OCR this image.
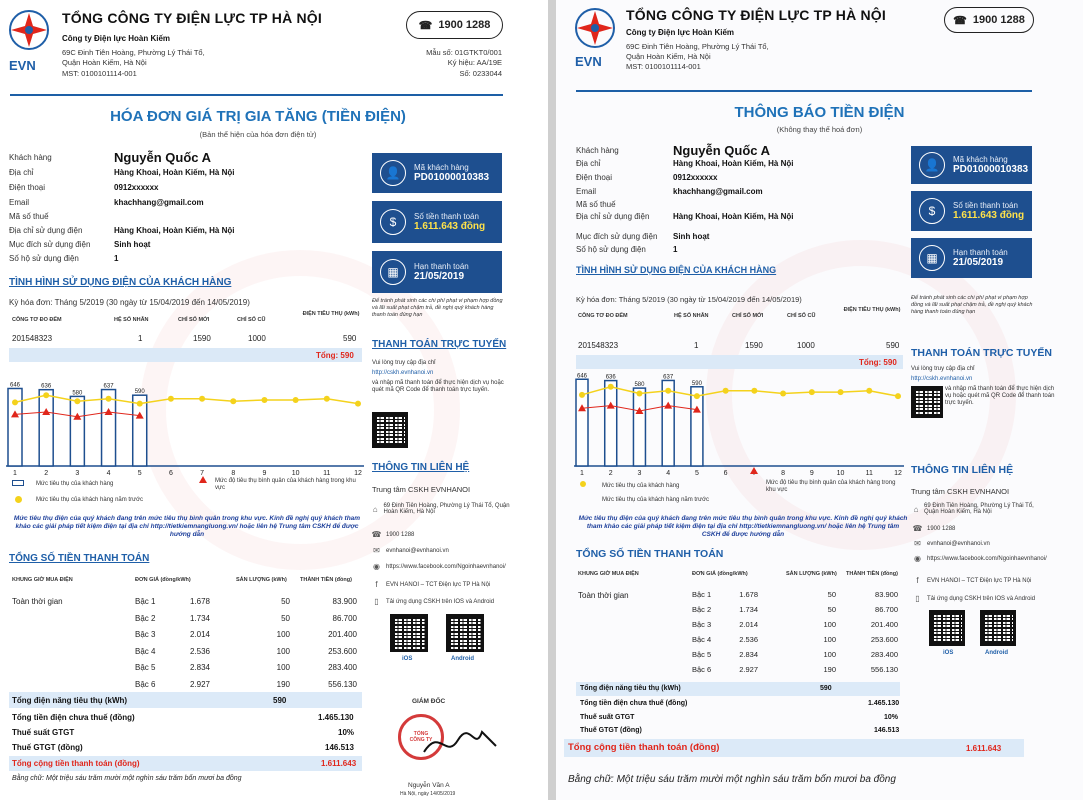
EVN
TỔNG CÔNG TY ĐIỆN LỰC TP HÀ NỘI
Công ty Điện lực Hoàn Kiếm
69C Đinh Tiên Hoàng, Phường Lý Thái Tổ,
Quận Hoàn Kiếm, Hà Nội
MST: 0100101114-001
☎ 1900 1288
Mẫu số: 01GTKT0/001
Ký hiệu: AA/19E
Số: 0233044
HÓA ĐƠN GIÁ TRỊ GIA TĂNG (TIỀN ĐIỆN)
(Bản thể hiện của hóa đơn điện tử)
Khách hàng	Nguyễn Quốc A
Địa chỉ	Hàng Khoai, Hoàn Kiếm, Hà Nội
Điện thoại	0912xxxxxx
Email	khachhang@gmail.com
Mã số thuế
Địa chỉ sử dụng điện	Hàng Khoai, Hoàn Kiếm, Hà Nội
Mục đích sử dụng điện	Sinh hoạt
Số hộ sử dụng điện	1
👤	Mã khách hàng
PD01000010383
$	Số tiền thanh toán
1.611.643 đồng
▦	Hạn thanh toán
21/05/2019
Để tránh phát sinh các chi phí phạt vi phạm hợp đồng và lãi suất phạt chậm trả, đề nghị quý khách hàng thanh toán đúng hạn
TÌNH HÌNH SỬ DỤNG ĐIỆN CỦA KHÁCH HÀNG
Kỳ hóa đơn: Tháng 5/2019 (30 ngày từ 15/04/2019 đến 14/05/2019)
CÔNG TƠ ĐO ĐẾM	HỆ SỐ NHÂN	CHỈ SỐ MỚI	CHỈ SỐ CŨ
ĐIỆN TIÊU THỤ (kWh)
201548323	1	1590	1000	590
Tổng: 590
646	636
580
637
590
1	2	3	4	5	6	7	8	9	10	11	12
Mức tiêu thụ của khách hàng
Mức tiêu thụ của khách hàng năm trước
Mức độ tiêu thụ bình quân của khách hàng trong khu vực
Mức tiêu thụ điện của quý khách đang trên mức tiêu thụ bình quân trong khu vực. Kính đề nghị quý khách tham khảo các giải pháp tiết kiệm điện tại địa chỉ http://tietkiemnangluong.vn/ hoặc liên hệ Trung tâm CSKH để được hướng dẫn
THANH TOÁN TRỰC TUYẾN
Vui lòng truy cập địa chỉ
http://cskh.evnhanoi.vn
và nhập mã thanh toán để thực hiện dịch vụ hoặc quét mã QR Code để thanh toán trực tuyến.
THÔNG TIN LIÊN HỆ
Trung tâm CSKH EVNHANOI
⌂ 69 Đinh Tiên Hoàng, Phường Lý Thái Tổ, Quận Hoàn Kiếm, Hà Nội
☎ 1900 1288
✉ evnhanoi@evnhanoi.vn
◉ https://www.facebook.com/Ngoinhaevnhanoi/
f	EVN HANOI – TCT Điện lực TP Hà Nội
▯	Tải ứng dụng CSKH trên IOS và Android
iOS	Android
TỔNG SỐ TIỀN THANH TOÁN
KHUNG GIỜ MUA ĐIỆN	ĐƠN GIÁ (đồng/kWh)	SẢN LƯỢNG (kWh) THÀNH TIỀN (đồng)
Toàn thời gian	Bậc 1	1.678	50	83.900
Bậc 2	1.734	50	86.700
Bậc 3	2.014	100	201.400
Bậc 4	2.536	100	253.600
Bậc 5	2.834	100	283.400
Bậc 6	2.927	190	556.130
Tổng điện năng tiêu thụ (kWh)	590
Tổng tiền điện chưa thuế (đồng)	1.465.130
Thuế suất GTGT	10%
Thuế GTGT (đồng)	146.513
Tổng cộng tiền thanh toán (đồng)	1.611.643
Bằng chữ: Một triệu sáu trăm mười một nghìn sáu trăm bốn mươi ba đồng
GIÁM ĐỐC
TỔNG
CÔNG TY
Nguyễn Văn A
Hà Nội, ngày 14/05/2019
EVN
TỔNG CÔNG TY ĐIỆN LỰC TP HÀ NỘI
Công ty Điện lực Hoàn Kiếm
69C Đinh Tiên Hoàng, Phường Lý Thái Tổ,
Quận Hoàn Kiếm, Hà Nội
MST: 0100101114-001
☎ 1900 1288
THÔNG BÁO TIỀN ĐIỆN
(Không thay thế hoá đơn)
Khách hàng	Nguyễn Quốc A
Địa chỉ	Hàng Khoai, Hoàn Kiếm, Hà Nội
Điện thoại	0912xxxxxx
Email	khachhang@gmail.com
Mã số thuế
Địa chỉ sử dụng điện	Hàng Khoai, Hoàn Kiếm, Hà Nội
Mục đích sử dụng điện Sinh hoạt
Số hộ sử dụng điện	1
👤	Mã khách hàng
PD01000010383
$	Số tiền thanh toán
1.611.643 đồng
▦	Hạn thanh toán
21/05/2019
Để tránh phát sinh các chi phí phạt vi phạm hợp đồng và lãi suất phạt chậm trả, đề nghị quý khách hàng thanh toán đúng hạn
TÌNH HÌNH SỬ DỤNG ĐIỆN CỦA KHÁCH HÀNG
Kỳ hóa đơn: Tháng 5/2019 (30 ngày từ 15/04/2019 đến 14/05/2019)
CÔNG TƠ ĐO ĐẾM	HỆ SỐ NHÂN	CHỈ SỐ MỚI	CHỈ SỐ CŨ
ĐIỆN TIÊU THỤ (kWh)
201548323	1	1590	1000	590
Tổng: 590
646	636
580
637
590
1	2	3	4	5	6	7	8	9	10	11	12
Mức tiêu thụ của khách hàng
Mức tiêu thụ của khách hàng năm trước
Mức độ tiêu thụ bình quân của khách hàng trong khu vực
Mức tiêu thụ điện của quý khách đang trên mức tiêu thụ bình quân trong khu vực. Kính đề nghị quý khách tham khảo các giải pháp tiết kiệm điện tại địa chỉ http://tietkiemnangluong.vn/ hoặc liên hệ Trung tâm CSKH để được hướng dẫn
THANH TOÁN TRỰC TUYẾN
Vui lòng truy cập địa chỉ
http://cskh.evnhanoi.vn
và nhập mã thanh toán để thực hiện dịch vụ hoặc quét mã QR Code để thanh toán trực tuyến.
THÔNG TIN LIÊN HỆ
Trung tâm CSKH EVNHANOI
⌂ 69 Đinh Tiên Hoàng, Phường Lý Thái Tổ, Quận Hoàn Kiếm, Hà Nội
☎ 1900 1288
✉ evnhanoi@evnhanoi.vn
◉ https://www.facebook.com/Ngoinhaevnhanoi/
f	EVN HANOI – TCT Điện lực TP Hà Nội
▯	Tải ứng dụng CSKH trên IOS và Android
iOS	Android
TỔNG SỐ TIỀN THANH TOÁN
KHUNG GIỜ MUA ĐIỆN	ĐƠN GIÁ (đồng/kWh)	SẢN LƯỢNG (kWh) THÀNH TIỀN (đồng)
Toàn thời gian	Bậc 1	1.678	50	83.900
Bậc 2	1.734	50	86.700
Bậc 3	2.014	100	201.400
Bậc 4	2.536	100	253.600
Bậc 5	2.834	100	283.400
Bậc 6	2.927	190	556.130
Tổng điện năng tiêu thụ (kWh)	590
Tổng tiền điện chưa thuế (đồng)	1.465.130
Thuế suất GTGT	10%
Thuế GTGT (đồng)	146.513
Tổng cộng tiền thanh toán (đồng)	1.611.643
Bằng chữ: Một triệu sáu trăm mười một nghìn sáu trăm bốn mươi ba đồng
